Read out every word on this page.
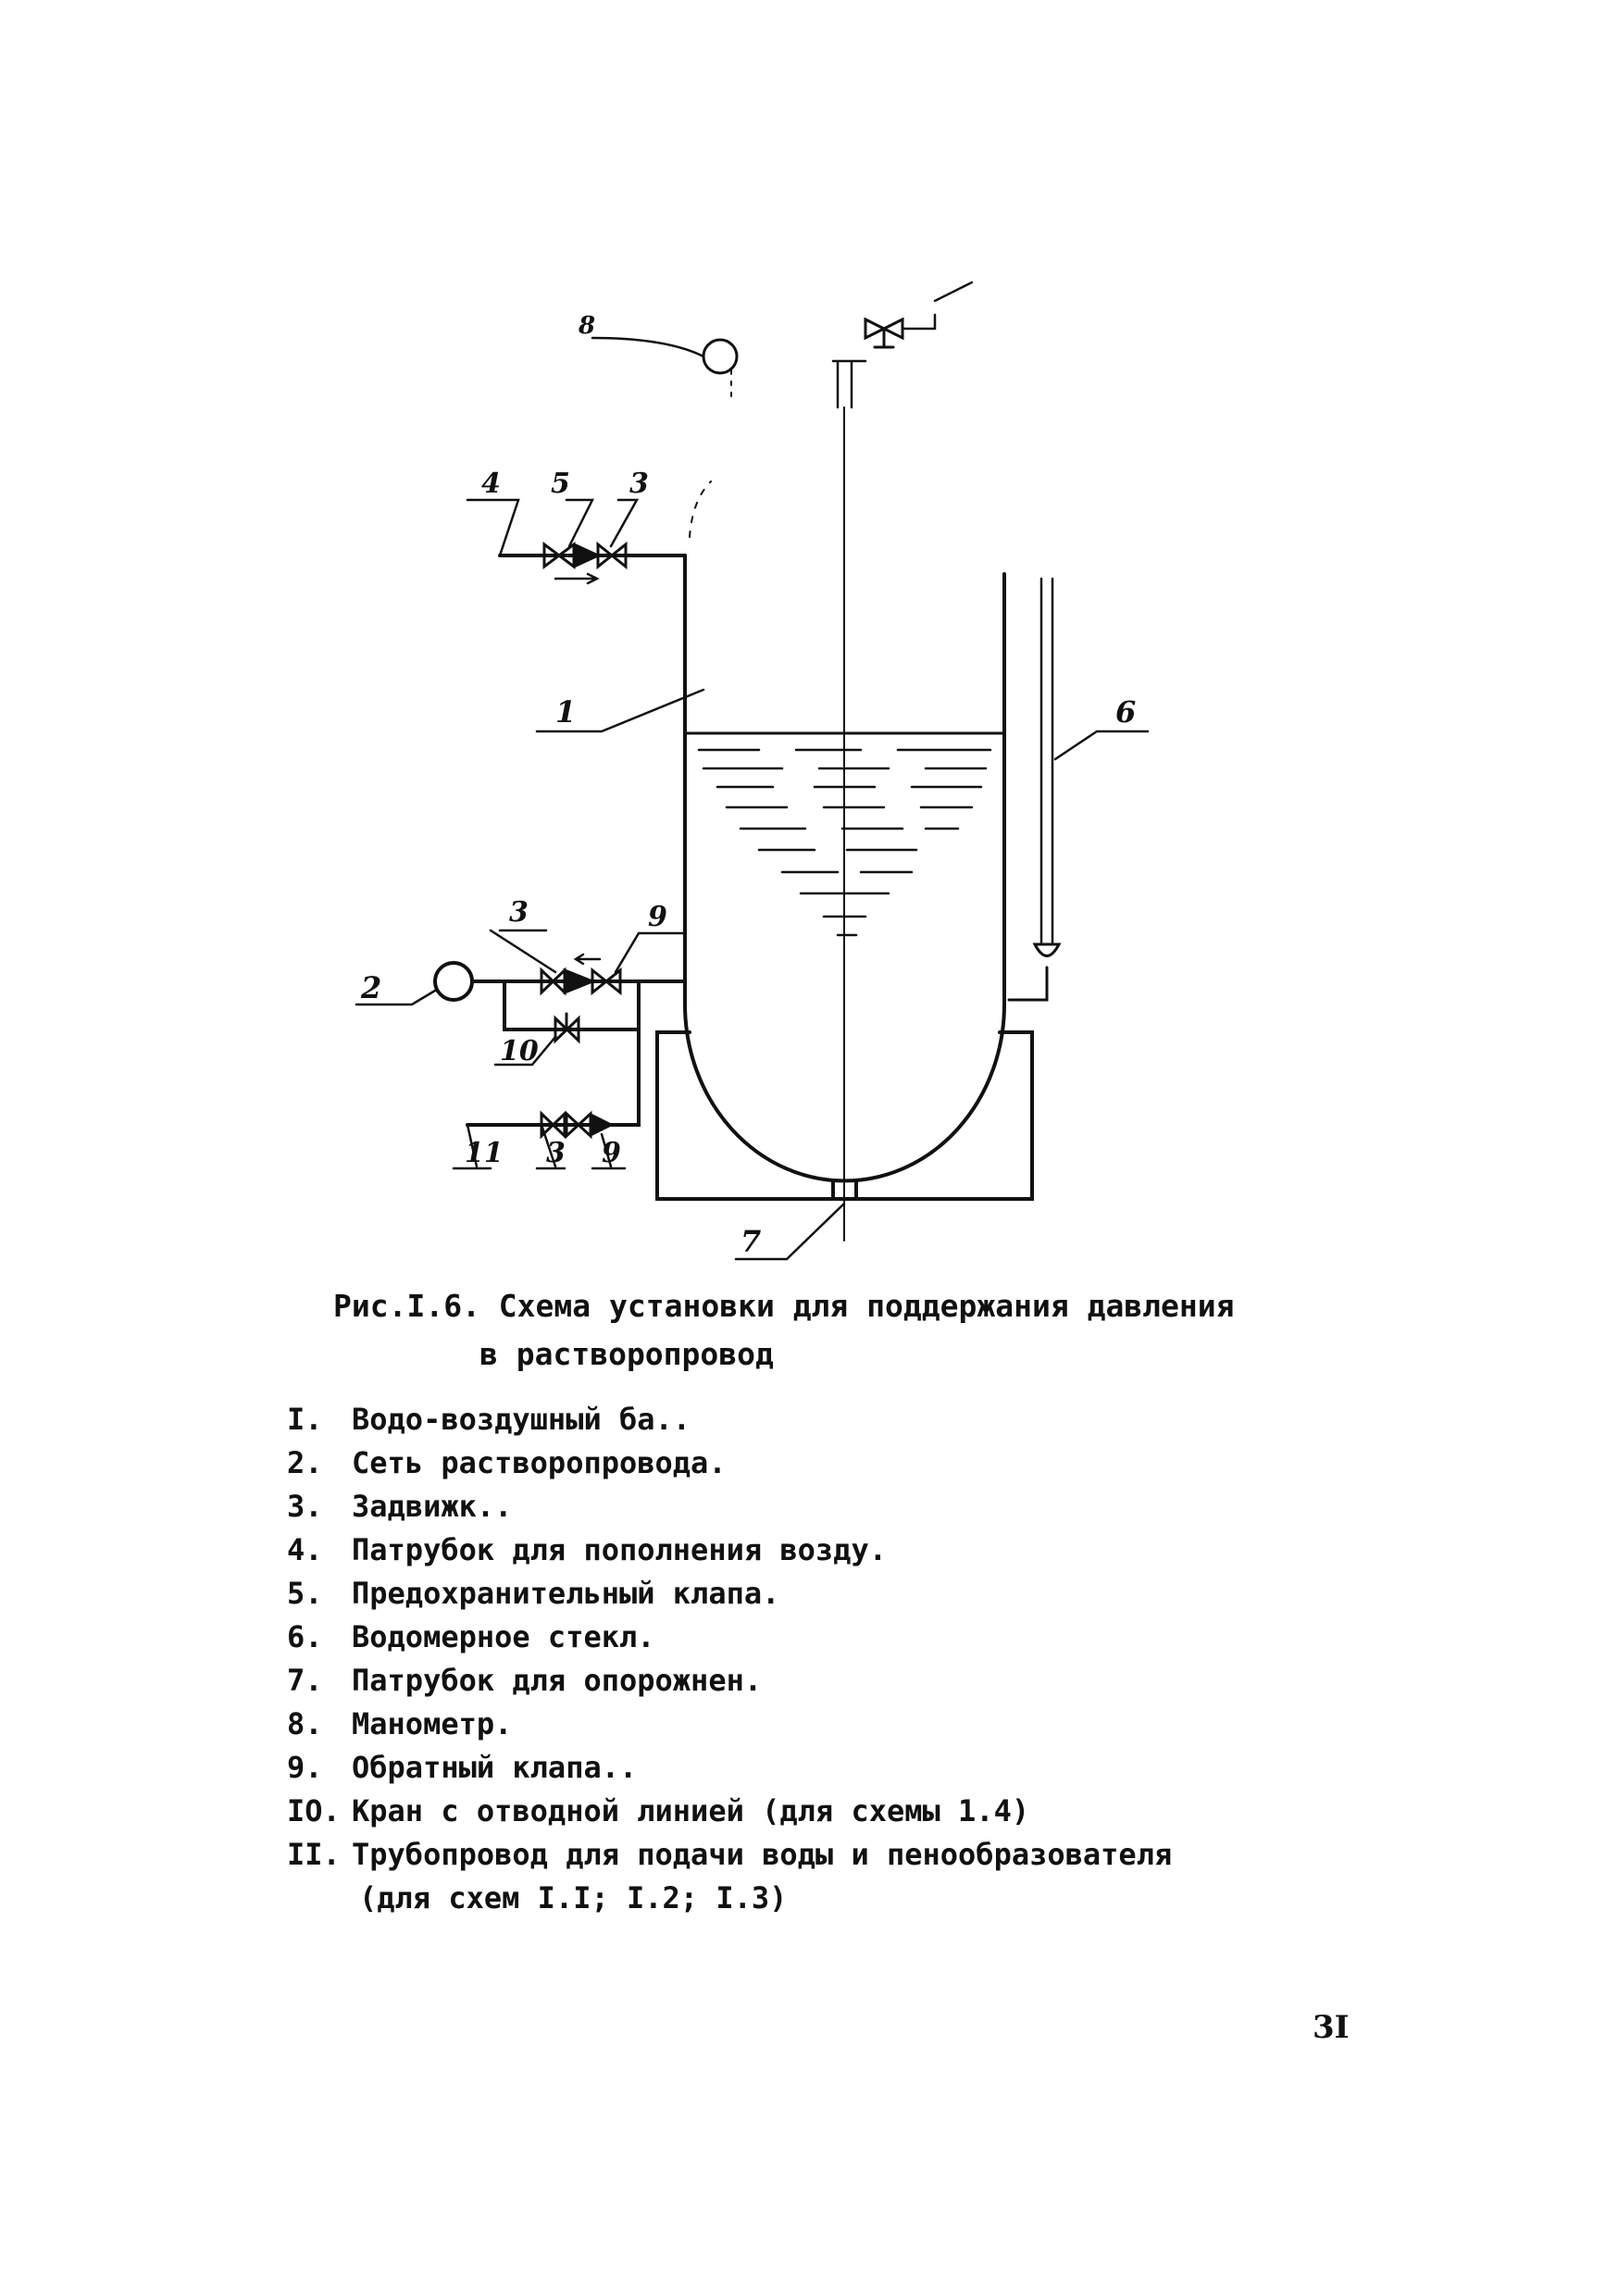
4 5 3
1	6
3	9
2
10
11 3 9
7
8
Рис.I.6. Схема установки для поддержания давления
в растворопровод
I. Водо-воздушный ба..
2. Сеть растворопровода.
3. Задвижк..
4. Патрубок для пополнения возду.
5. Предохранительный клапа.
6. Водомерное стекл.
7. Патрубок для опорожнен.
8. Манометр.
9. Обратный клапа..
IO. Кран с отводной линией (для схемы 1.4)
II. Трубопровод для подачи воды и пенообразователя
(для схем I.I; I.2; I.3)
3I
